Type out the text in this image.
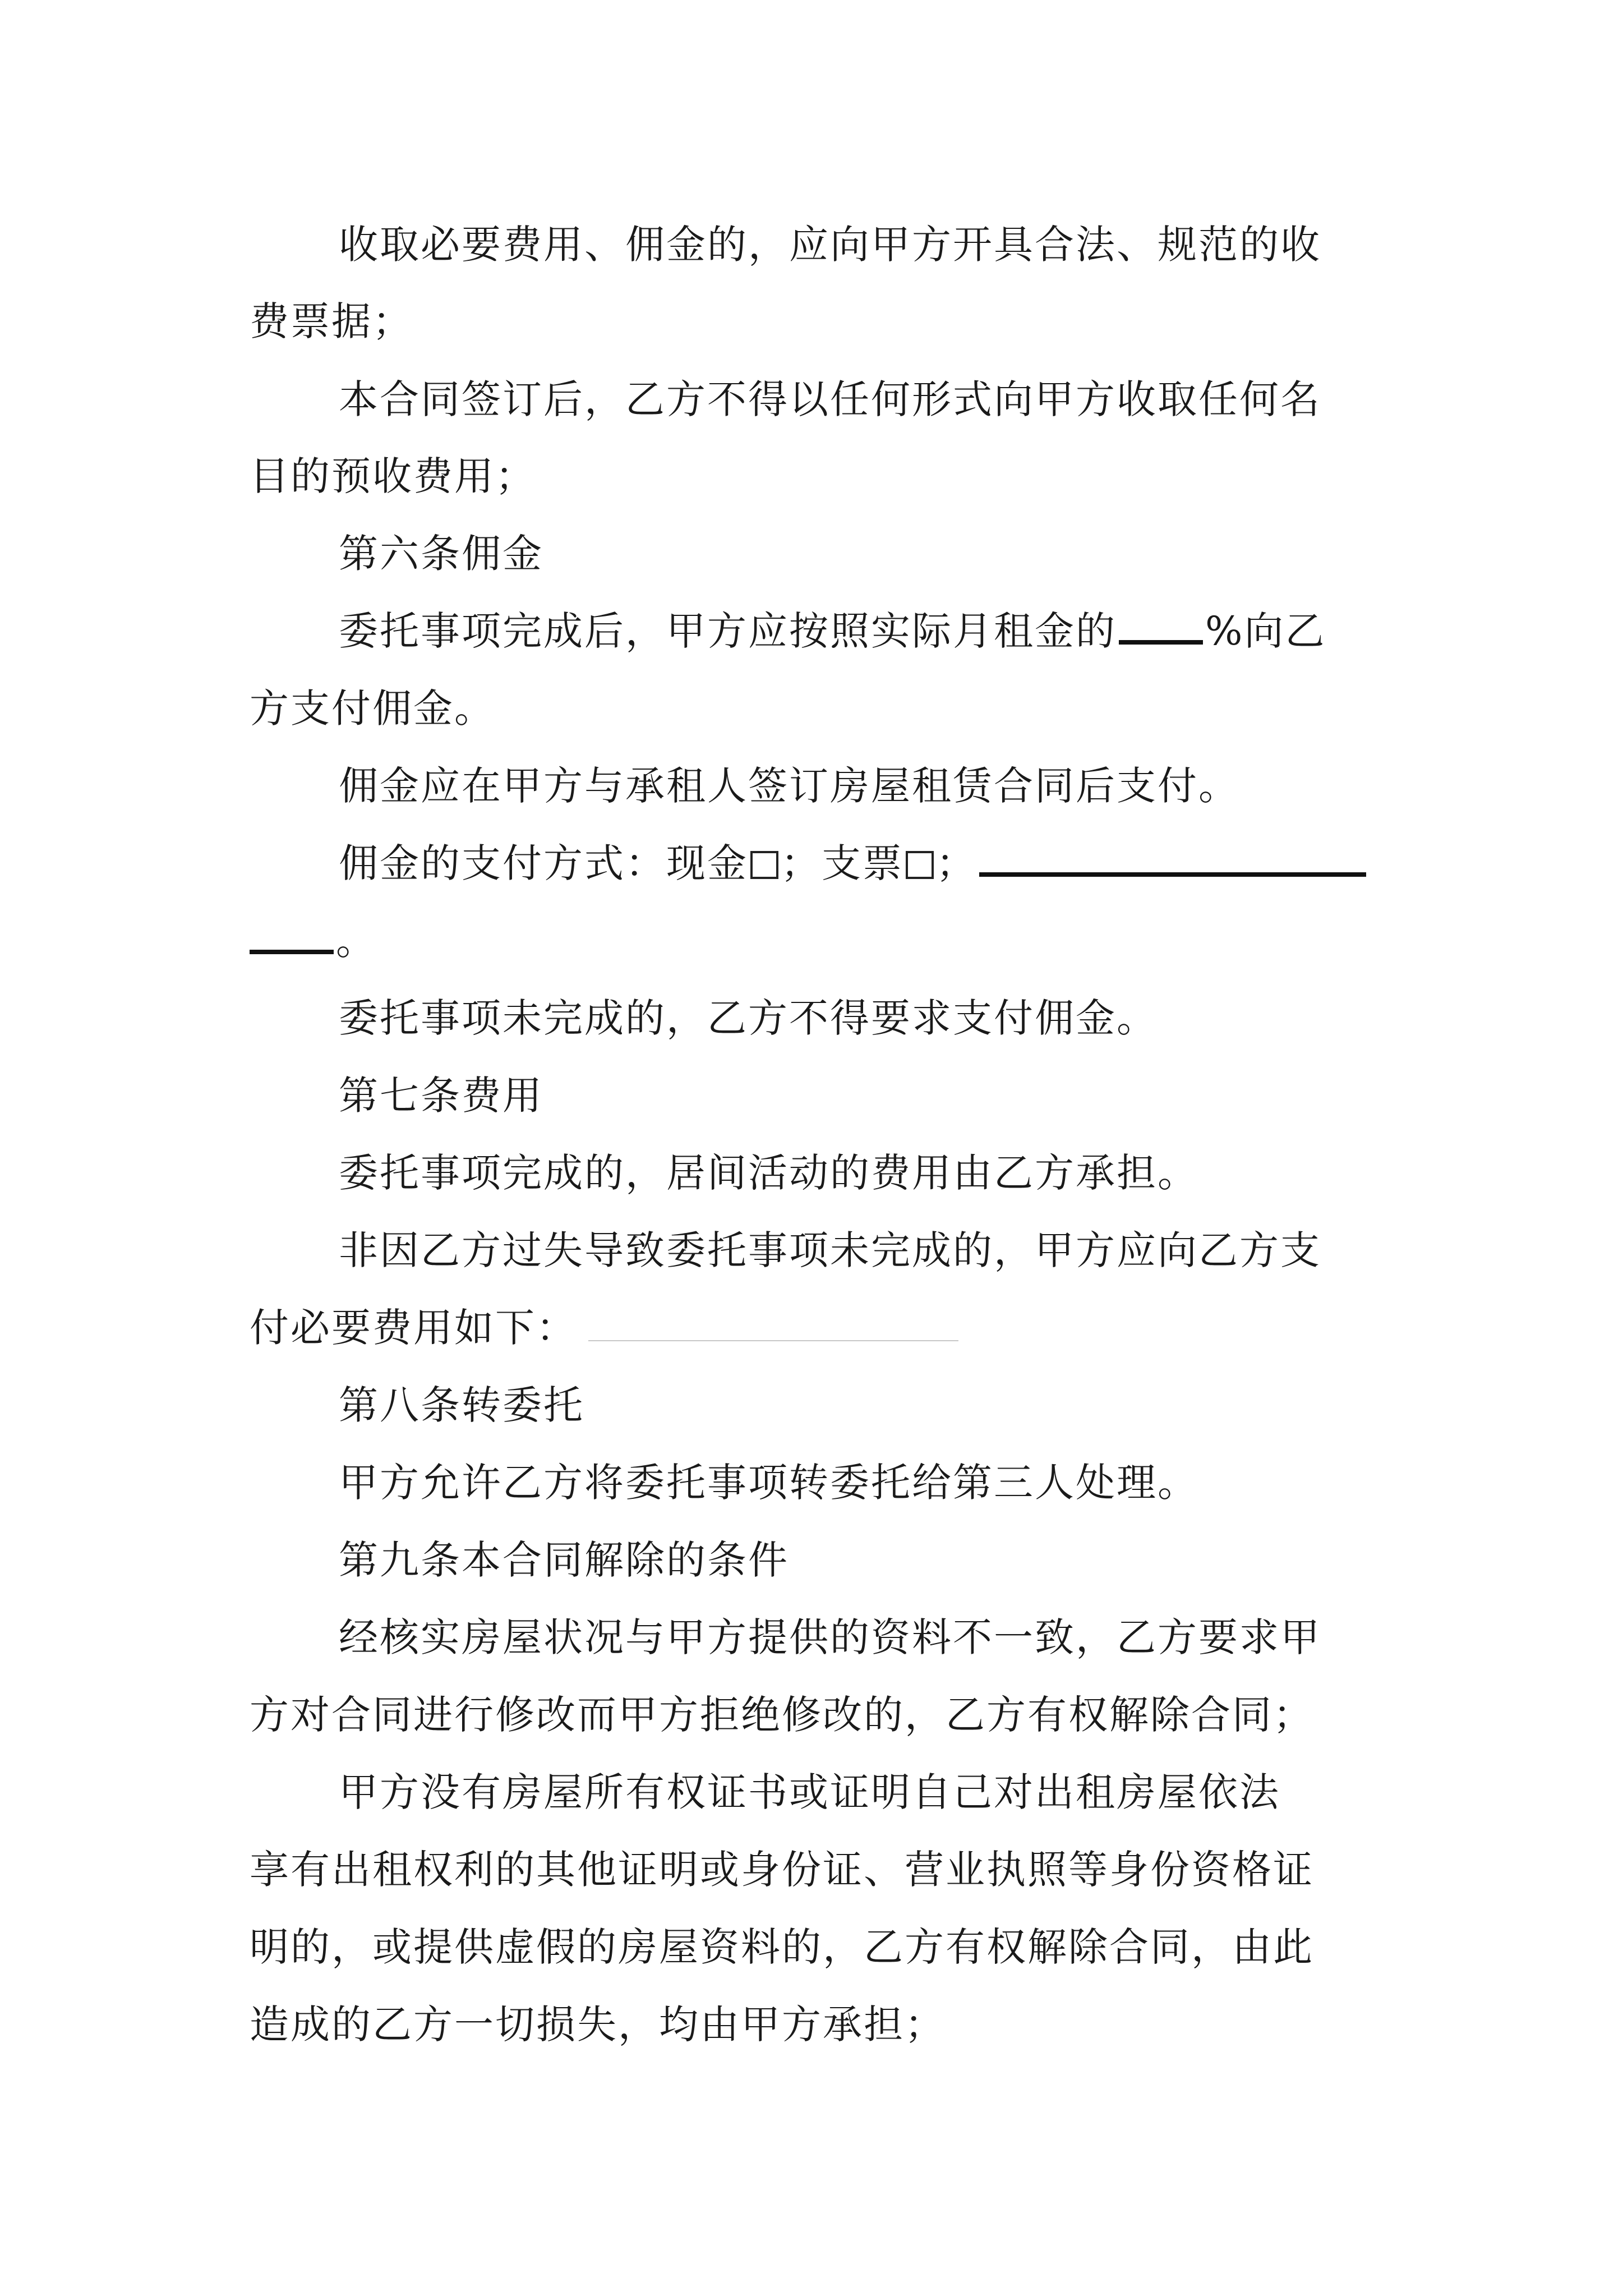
收取必要费用、佣金的，应向甲方开具合法、规范的收
费票据；
本合同签订后，乙方不得以任何形式向甲方收取任何名
目的预收费用；
第六条佣金
委托事项完成后，甲方应按照实际月租金的 %向乙
方支付佣金。
佣金应在甲方与承租人签订房屋租赁合同后支付。
佣金的支付方式：现金 ；支票 ；
。
委托事项未完成的，乙方不得要求支付佣金。
第七条费用
委托事项完成的，居间活动的费用由乙方承担。
非因乙方过失导致委托事项未完成的，甲方应向乙方支
付必要费用如下：
第八条转委托
甲方允许乙方将委托事项转委托给第三人处理。
第九条本合同解除的条件
经核实房屋状况与甲方提供的资料不一致，乙方要求甲
方对合同进行修改而甲方拒绝修改的，乙方有权解除合同；
甲方没有房屋所有权证书或证明自己对出租房屋依法
享有出租权利的其他证明或身份证、营业执照等身份资格证
明的，或提供虚假的房屋资料的，乙方有权解除合同，由此
造成的乙方一切损失，均由甲方承担；
